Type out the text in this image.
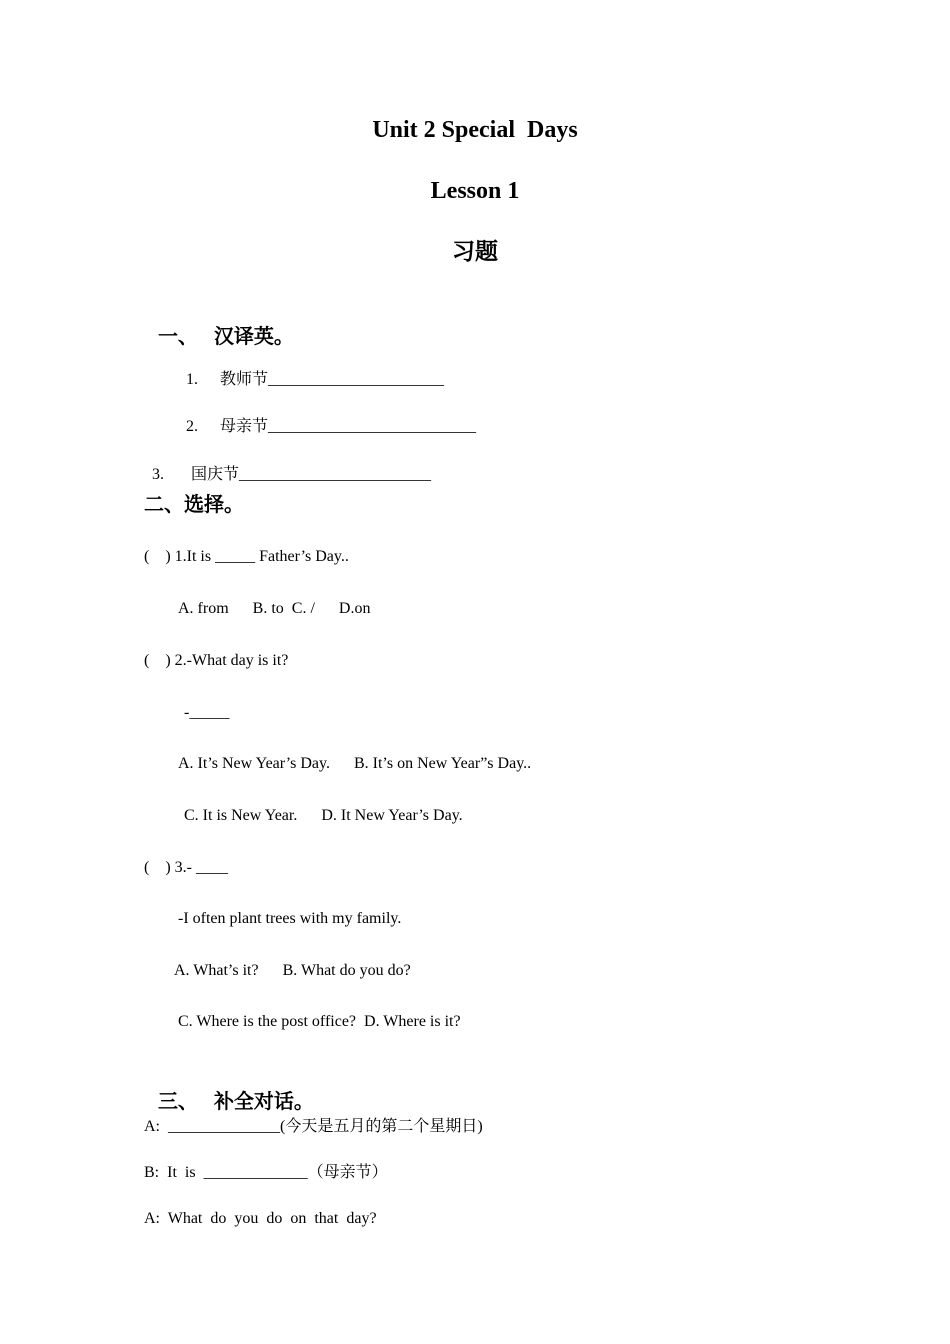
Unit 2 Special  Days
Lesson 1
习题

一、 汉译英。

1. 教师节______________________

2. 母亲节__________________________

3. 国庆节________________________

二、选择。
(    ) 1.It is _____ Father’s Day..
A. from      B. to  C. /      D.on
(    ) 2.-What day is it?
-_____
A. It’s New Year’s Day.      B. It’s on New Year”s Day..
C. It is New Year.      D. It New Year’s Day.
(    ) 3.- ____
-I often plant trees with my family.
A. What’s it?      B. What do you do?
C. Where is the post office?  D. Where is it?

三、 补全对话。

A:  ______________(今天是五月的第二个星期日)
B:  It  is  _____________（母亲节）
A:  What  do  you  do  on  that  day?
